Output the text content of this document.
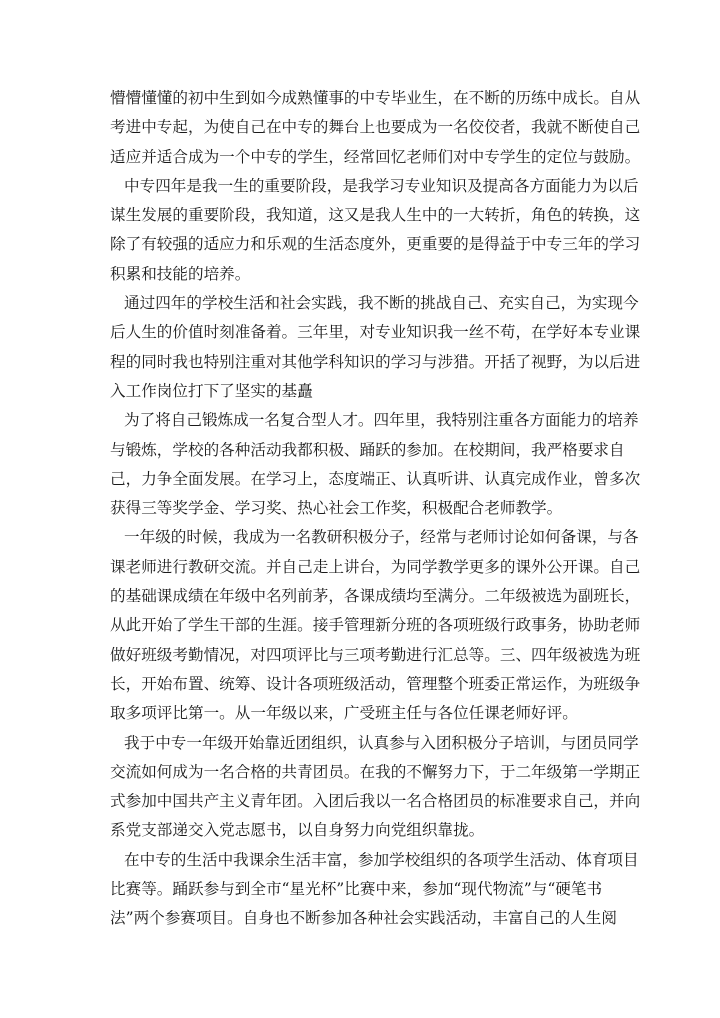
懵懵懂懂的初中生到如今成熟懂事的中专毕业生，在不断的历练中成长。自从
考进中专起，为使自己在中专的舞台上也要成为一名佼佼者，我就不断使自己
适应并适合成为一个中专的学生，经常回忆老师们对中专学生的定位与鼓励。
中专四年是我一生的重要阶段，是我学习专业知识及提高各方面能力为以后
谋生发展的重要阶段，我知道，这又是我人生中的一大转折，角色的转换，这
除了有较强的适应力和乐观的生活态度外，更重要的是得益于中专三年的学习
积累和技能的培养。
通过四年的学校生活和社会实践，我不断的挑战自己、充实自己，为实现今
后人生的价值时刻准备着。三年里，对专业知识我一丝不苟，在学好本专业课
程的同时我也特别注重对其他学科知识的学习与涉猎。开括了视野，为以后进
入工作岗位打下了坚实的基矗
为了将自己锻炼成一名复合型人才。四年里，我特别注重各方面能力的培养
与锻炼，学校的各种活动我都积极、踊跃的参加。在校期间，我严格要求自
己，力争全面发展。在学习上，态度端正、认真听讲、认真完成作业，曾多次
获得三等奖学金、学习奖、热心社会工作奖，积极配合老师教学。
一年级的时候，我成为一名教研积极分子，经常与老师讨论如何备课，与各
课老师进行教研交流。并自己走上讲台，为同学教学更多的课外公开课。自己
的基础课成绩在年级中名列前茅，各课成绩均至满分。二年级被选为副班长，
从此开始了学生干部的生涯。接手管理新分班的各项班级行政事务，协助老师
做好班级考勤情况，对四项评比与三项考勤进行汇总等。三、四年级被选为班
长，开始布置、统筹、设计各项班级活动，管理整个班委正常运作，为班级争
取多项评比第一。从一年级以来，广受班主任与各位任课老师好评。
我于中专一年级开始靠近团组织，认真参与入团积极分子培训，与团员同学
交流如何成为一名合格的共青团员。在我的不懈努力下，于二年级第一学期正
式参加中国共产主义青年团。入团后我以一名合格团员的标准要求自己，并向
系党支部递交入党志愿书，以自身努力向党组织靠拢。
在中专的生活中我课余生活丰富，参加学校组织的各项学生活动、体育项目
比赛等。踊跃参与到全市“星光杯”比赛中来，参加“现代物流”与“硬笔书
法”两个参赛项目。自身也不断参加各种社会实践活动，丰富自己的人生阅
